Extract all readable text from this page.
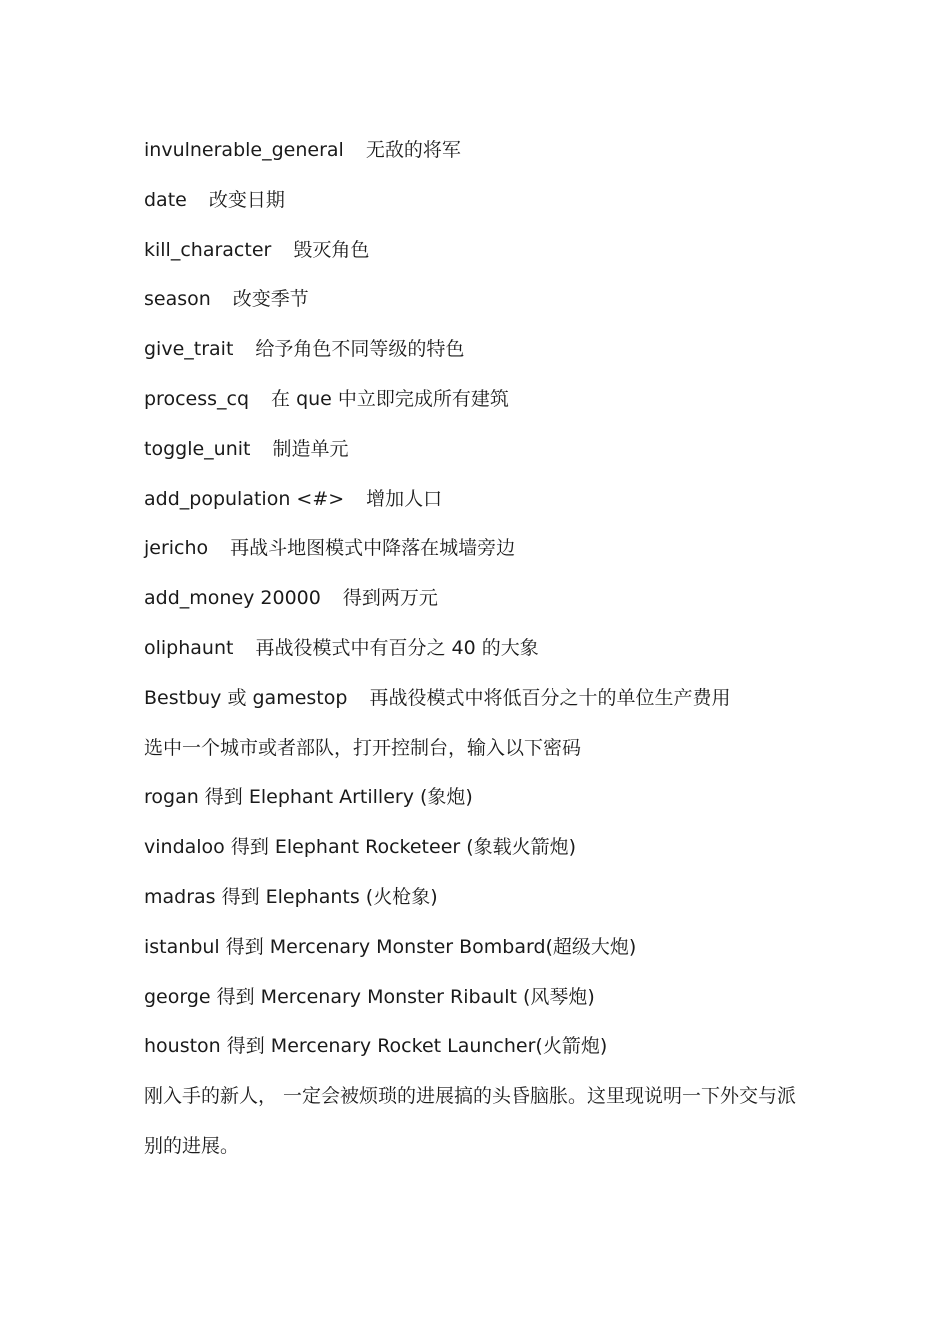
invulnerable_general 无敌的将军
date 改变日期
kill_character 毁灭角色
season 改变季节
give_trait 给予角色不同等级的特色
process_cq 在 que 中立即完成所有建筑
toggle_unit 制造单元
add_population <#> 增加人口
jericho 再战斗地图模式中降落在城墙旁边
add_money 20000 得到两万元
oliphaunt 再战役模式中有百分之 40 的大象
Bestbuy 或 gamestop 再战役模式中将低百分之十的单位生产费用
选中一个城市或者部队，打开控制台，输入以下密码
rogan 得到 Elephant Artillery (象炮)
vindaloo 得到 Elephant Rocketeer (象载火箭炮)
madras 得到 Elephants (火枪象)
istanbul 得到 Mercenary Monster Bombard(超级大炮)
george 得到 Mercenary Monster Ribault (风琴炮)
houston 得到 Mercenary Rocket Launcher(火箭炮)
刚入手的新人， 一定会被烦琐的进展搞的头昏脑胀。这里现说明一下外交与派别的进展。
